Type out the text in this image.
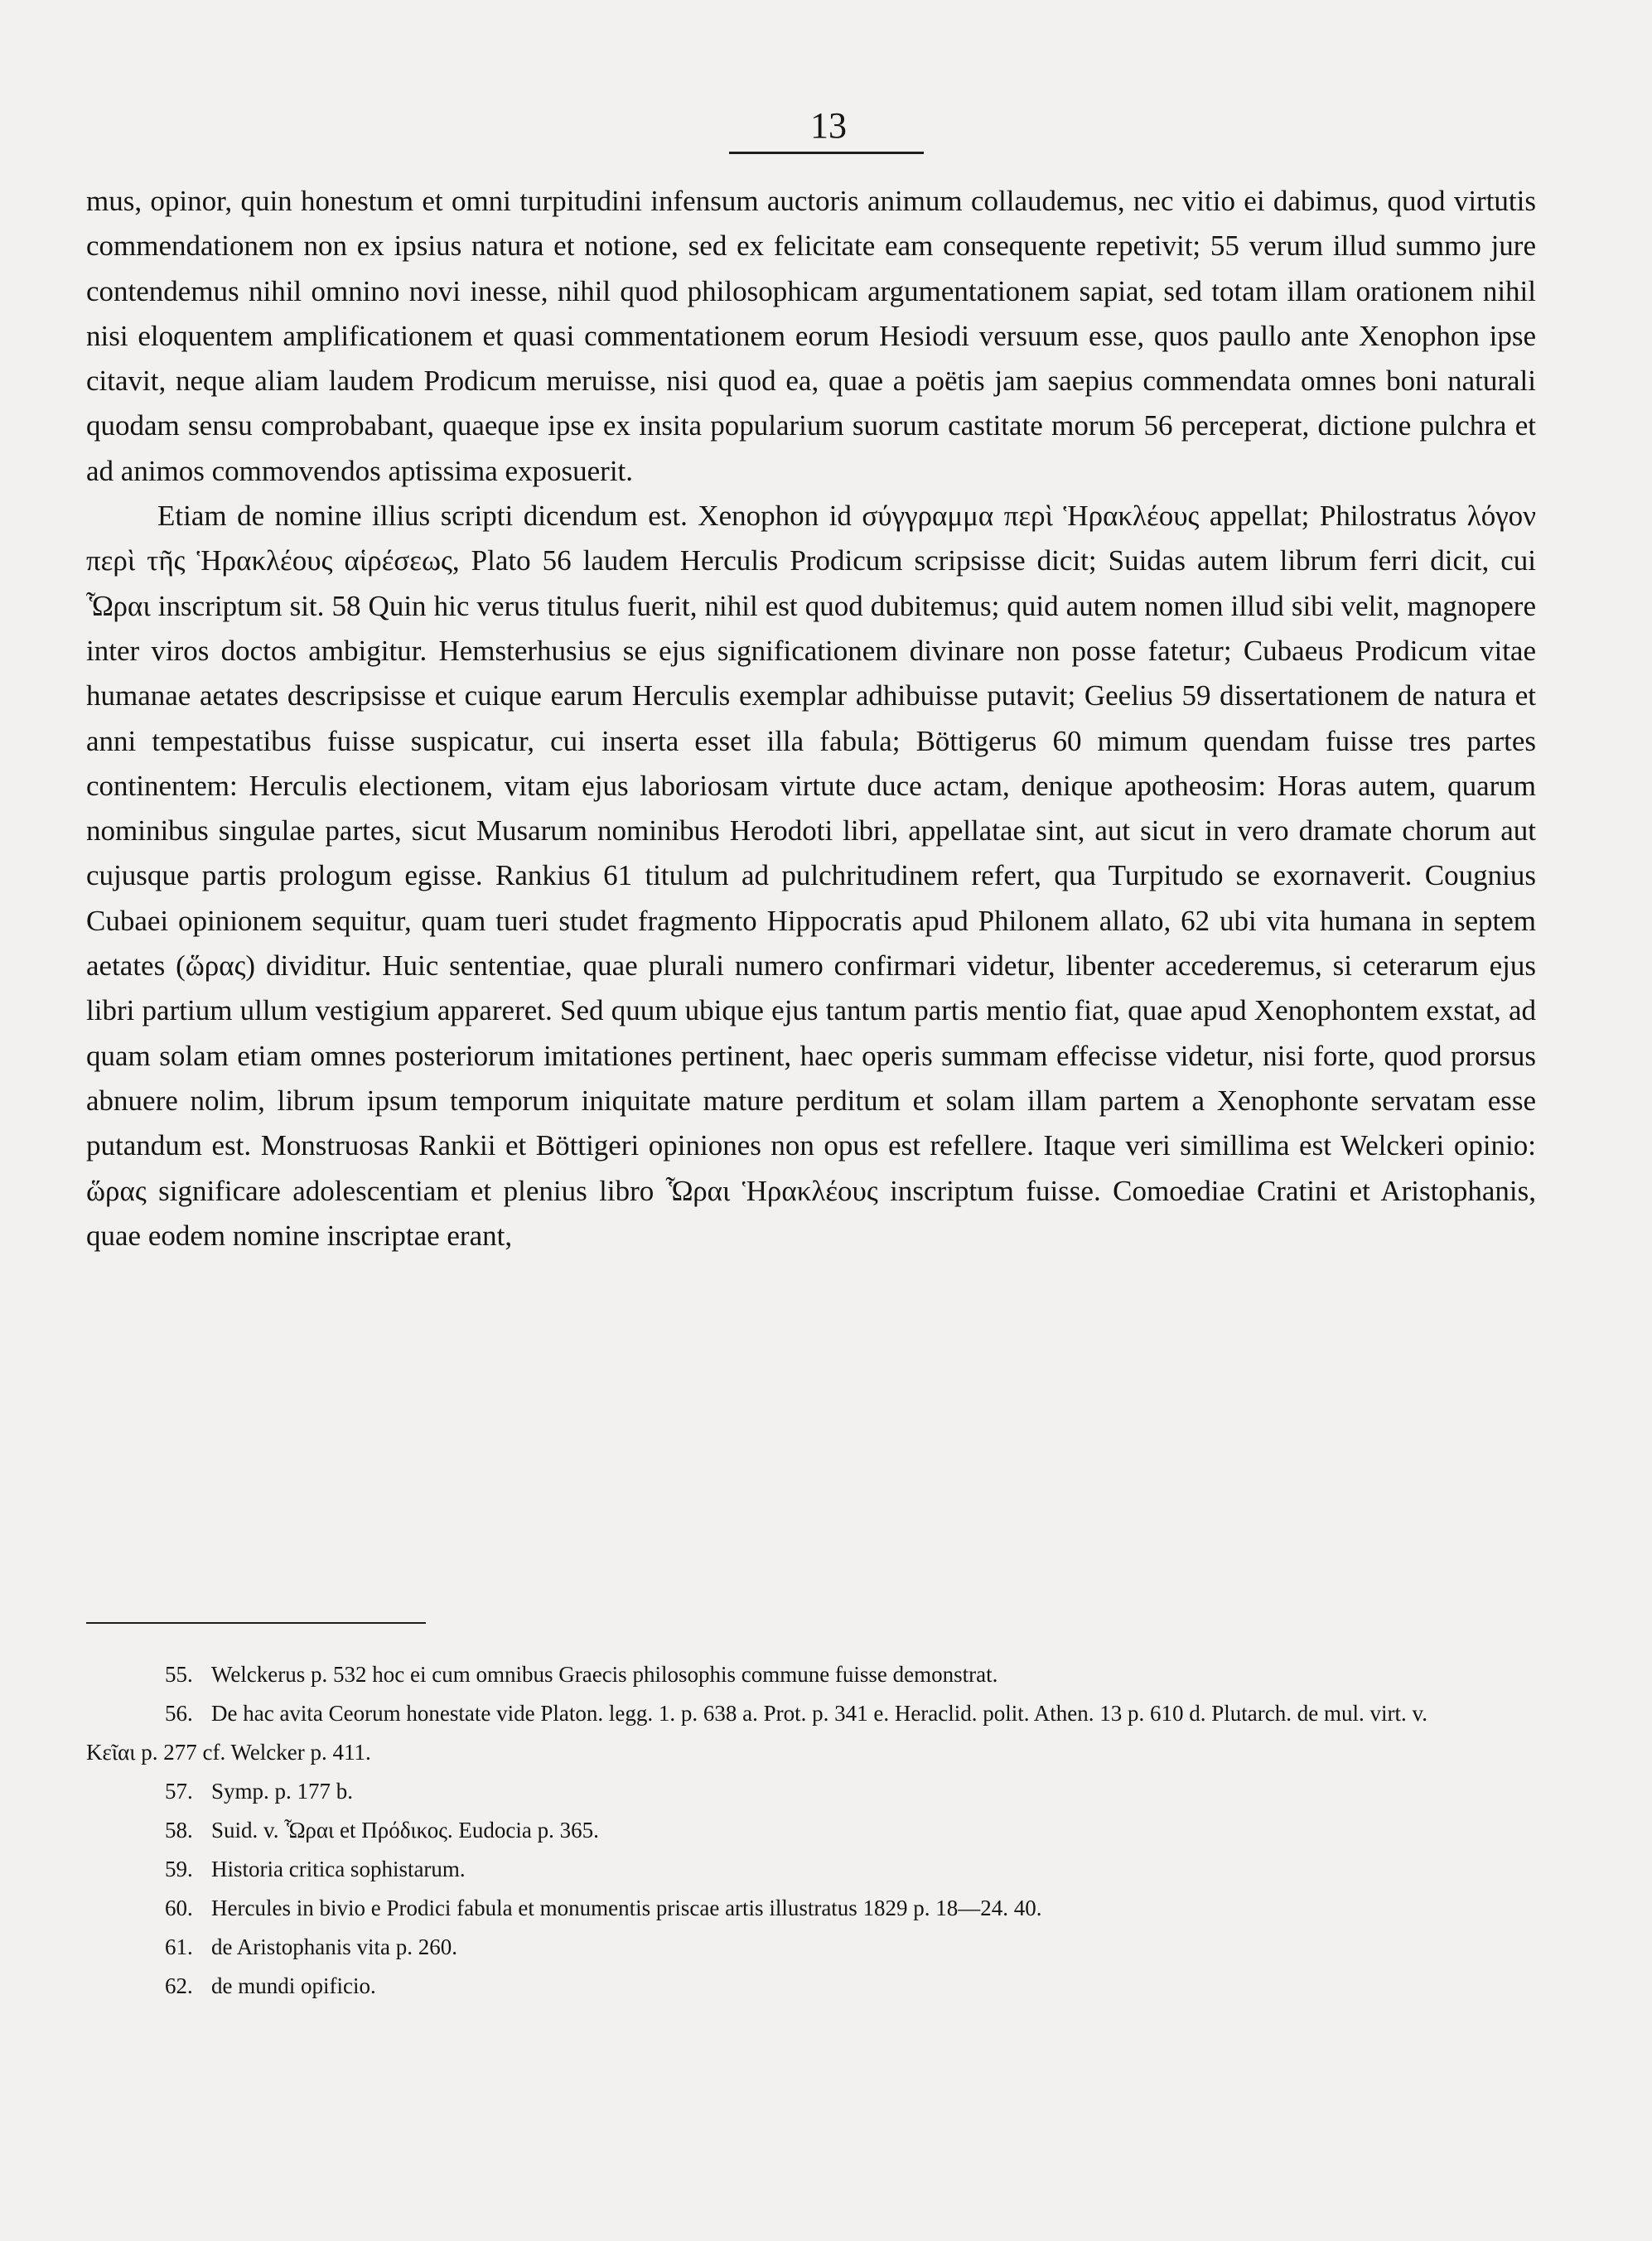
13

mus, opinor, quin honestum et omni turpitudini infensum auctoris animum collaudemus, nec vitio ei dabimus, quod virtutis commendationem non ex ipsius natura et notione, sed ex felicitate eam consequente repetivit; 55 verum illud summo jure contendemus nihil omnino novi inesse, nihil quod philosophicam argumentationem sapiat, sed totam illam orationem nihil nisi eloquentem amplificationem et quasi commentationem eorum Hesiodi versuum esse, quos paullo ante Xenophon ipse citavit, neque aliam laudem Prodicum meruisse, nisi quod ea, quae a poëtis jam saepius commendata omnes boni naturali quodam sensu comprobabant, quaeque ipse ex insita popularium suorum castitate morum 56 perceperat, dictione pulchra et ad animos commovendos aptissima exposuerit.

Etiam de nomine illius scripti dicendum est. Xenophon id σύγγραμμα περὶ Ἡρακλέους appellat; Philostratus λόγον περὶ τῆς Ἡρακλέους αἱρέσεως, Plato 56 laudem Herculis Prodicum scripsisse dicit; Suidas autem librum ferri dicit, cui Ὧραι inscriptum sit. 58 Quin hic verus titulus fuerit, nihil est quod dubitemus; quid autem nomen illud sibi velit, magnopere inter viros doctos ambigitur. Hemsterhusius se ejus significationem divinare non posse fatetur; Cubaeus Prodicum vitae humanae aetates descripsisse et cuique earum Herculis exemplar adhibuisse putavit; Geelius 59 dissertationem de natura et anni tempestatibus fuisse suspicatur, cui inserta esset illa fabula; Böttigerus 60 mimum quendam fuisse tres partes continentem: Herculis electionem, vitam ejus laboriosam virtute duce actam, denique apotheosim: Horas autem, quarum nominibus singulae partes, sicut Musarum nominibus Herodoti libri, appellatae sint, aut sicut in vero dramate chorum aut cujusque partis prologum egisse. Rankius 61 titulum ad pulchritudinem refert, qua Turpitudo se exornaverit. Cougnius Cubaei opinionem sequitur, quam tueri studet fragmento Hippocratis apud Philonem allato, 62 ubi vita humana in septem aetates (ὥρας) dividitur. Huic sententiae, quae plurali numero confirmari videtur, libenter accederemus, si ceterarum ejus libri partium ullum vestigium appareret. Sed quum ubique ejus tantum partis mentio fiat, quae apud Xenophontem exstat, ad quam solam etiam omnes posteriorum imitationes pertinent, haec operis summam effecisse videtur, nisi forte, quod prorsus abnuere nolim, librum ipsum temporum iniquitate mature perditum et solam illam partem a Xenophonte servatam esse putandum est. Monstruosas Rankii et Böttigeri opiniones non opus est refellere. Itaque veri simillima est Welckeri opinio: ὥρας significare adolescentiam et plenius libro Ὧραι Ἡρακλέους inscriptum fuisse. Comoediae Cratini et Aristophanis, quae eodem nomine inscriptae erant,

55. Welckerus p. 532 hoc ei cum omnibus Graecis philosophis commune fuisse demonstrat.

56. De hac avita Ceorum honestate vide Platon. legg. 1. p. 638 a. Prot. p. 341 e. Heraclid. polit. Athen. 13 p. 610 d. Plutarch. de mul. virt. v. Κεῖαι p. 277 cf. Welcker p. 411.

57. Symp. p. 177 b.

58. Suid. v. Ὧραι et Πρόδικος. Eudocia p. 365.

59. Historia critica sophistarum.

60. Hercules in bivio e Prodici fabula et monumentis priscae artis illustratus 1829 p. 18—24. 40.

61. de Aristophanis vita p. 260.

62. de mundi opificio.
